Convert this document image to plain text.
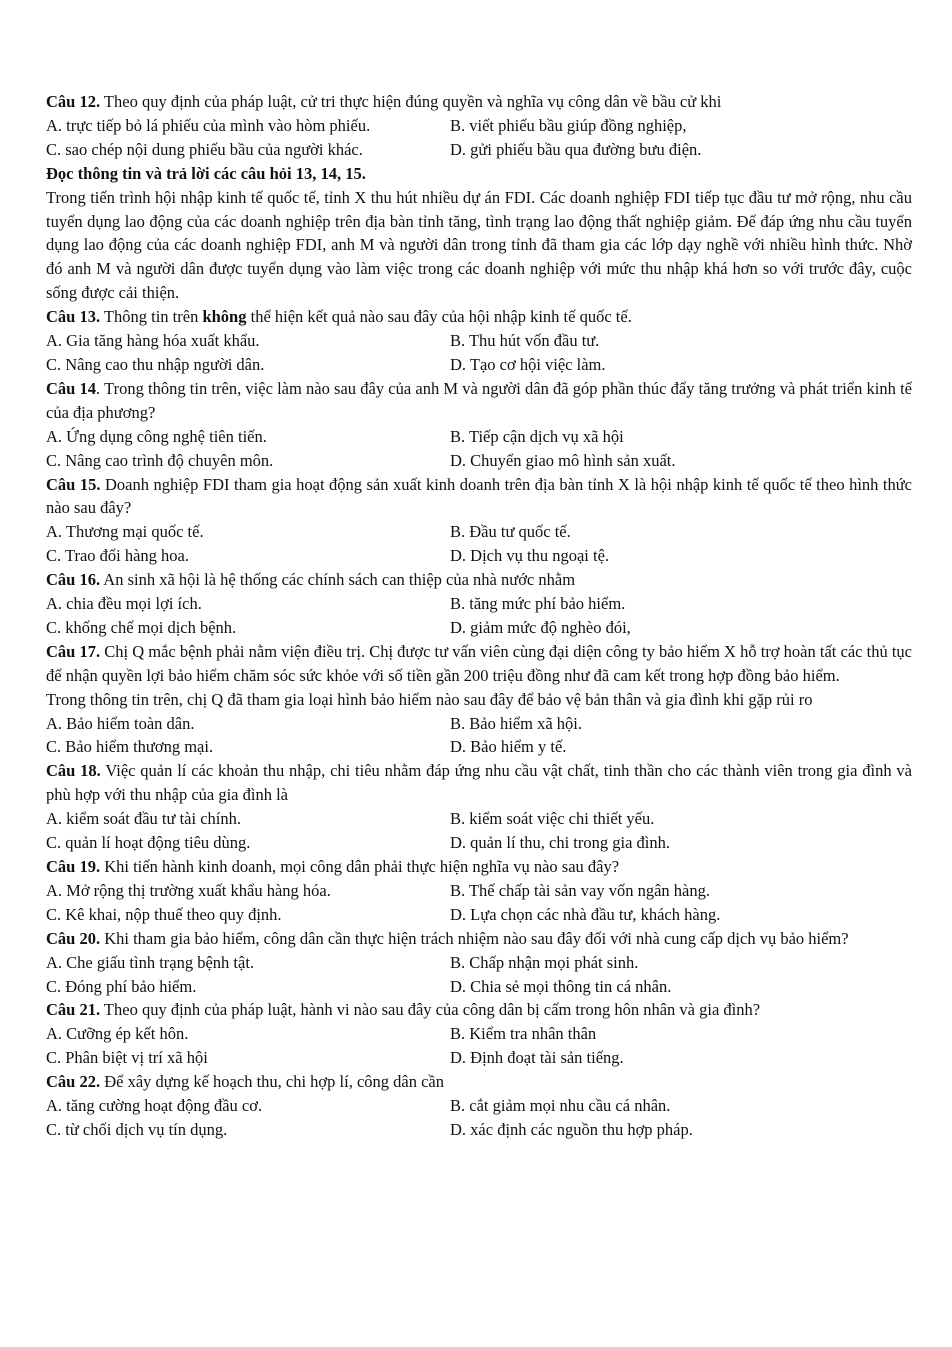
Câu 12. Theo quy định của pháp luật, cử tri thực hiện đúng quyền và nghĩa vụ công dân về bầu cử khi

A. trực tiếp bỏ lá phiếu của mình vào hòm phiếu.	B. viết phiếu bầu giúp đồng nghiệp,
C. sao chép nội dung phiếu bầu của người khác.	D. gửi phiếu bầu qua đường bưu điện.

Đọc thông tin và trả lời các câu hỏi 13, 14, 15.

Trong tiến trình hội nhập kinh tế quốc tế, tỉnh X thu hút nhiều dự án FDI. Các doanh nghiệp FDI tiếp tục đầu tư mở rộng, nhu cầu tuyển dụng lao động của các doanh nghiệp trên địa bàn tỉnh tăng, tình trạng lao động thất nghiệp giảm. Để đáp ứng nhu cầu tuyển dụng lao động của các doanh nghiệp FDI, anh M và người dân trong tỉnh đã tham gia các lớp dạy nghề với nhiều hình thức. Nhờ đó anh M và người dân được tuyển dụng vào làm việc trong các doanh nghiệp với mức thu nhập khá hơn so với trước đây, cuộc sống được cải thiện.

Câu 13. Thông tin trên không thể hiện kết quả nào sau đây của hội nhập kinh tế quốc tế.

A. Gia tăng hàng hóa xuất khẩu.	B. Thu hút vốn đầu tư.
C. Nâng cao thu nhập người dân.	D. Tạo cơ hội việc làm.

Câu 14. Trong thông tin trên, việc làm nào sau đây của anh M và người dân đã góp phần thúc đẩy tăng trưởng và phát triển kinh tế của địa phương?

A. Ứng dụng công nghệ tiên tiến.	B. Tiếp cận dịch vụ xã hội
C. Nâng cao trình độ chuyên môn.	D. Chuyển giao mô hình sản xuất.

Câu 15. Doanh nghiệp FDI tham gia hoạt động sản xuất kinh doanh trên địa bàn tỉnh X là hội nhập kinh tế quốc tế theo hình thức nào sau đây?

A. Thương mại quốc tế.	B. Đầu tư quốc tế.
C. Trao đổi hàng hoa.	D. Dịch vụ thu ngoại tệ.

Câu 16. An sinh xã hội là hệ thống các chính sách can thiệp của nhà nước nhằm

A. chia đều mọi lợi ích.	B. tăng mức phí bảo hiểm.
C. khống chế mọi dịch bệnh.	D. giảm mức độ nghèo đói,

Câu 17. Chị Q mắc bệnh phải nằm viện điều trị. Chị được tư vấn viên cùng đại diện công ty bảo hiểm X hỗ trợ hoàn tất các thủ tục để nhận quyền lợi bảo hiểm chăm sóc sức khỏe với số tiền gần 200 triệu đồng như đã cam kết trong hợp đồng bảo hiểm.

Trong thông tin trên, chị Q đã tham gia loại hình bảo hiểm nào sau đây để bảo vệ bản thân và gia đình khi gặp rủi ro

A. Bảo hiểm toàn dân.	B. Bảo hiểm xã hội.
C. Bảo hiểm thương mại.	D. Bảo hiểm y tế.

Câu 18. Việc quản lí các khoản thu nhập, chi tiêu nhằm đáp ứng nhu cầu vật chất, tinh thần cho các thành viên trong gia đình và phù hợp với thu nhập của gia đình là

A. kiểm soát đầu tư tài chính.	B. kiểm soát việc chi thiết yếu.
C. quản lí hoạt động tiêu dùng.	D. quản lí thu, chi trong gia đình.

Câu 19. Khi tiến hành kinh doanh, mọi công dân phải thực hiện nghĩa vụ nào sau đây?

A. Mở rộng thị trường xuất khẩu hàng hóa.	B. Thế chấp tài sản vay vốn ngân hàng.
C. Kê khai, nộp thuế theo quy định.	D. Lựa chọn các nhà đầu tư, khách hàng.

Câu 20. Khi tham gia bảo hiểm, công dân cần thực hiện trách nhiệm nào sau đây đối với nhà cung cấp dịch vụ bảo hiểm?

A. Che giấu tình trạng bệnh tật.	B. Chấp nhận mọi phát sinh.
C. Đóng phí bảo hiểm.	D. Chia sẻ mọi thông tin cá nhân.

Câu 21. Theo quy định của pháp luật, hành vi nào sau đây của công dân bị cấm trong hôn nhân và gia đình?

A. Cưỡng ép kết hôn.	B. Kiểm tra nhân thân
C. Phân biệt vị trí xã hội	D. Định đoạt tài sản tiếng.

Câu 22. Để xây dựng kế hoạch thu, chi hợp lí, công dân cần

A. tăng cường hoạt động đầu cơ.	B. cắt giảm mọi nhu cầu cá nhân.
C. từ chối dịch vụ tín dụng.	D. xác định các nguồn thu hợp pháp.
